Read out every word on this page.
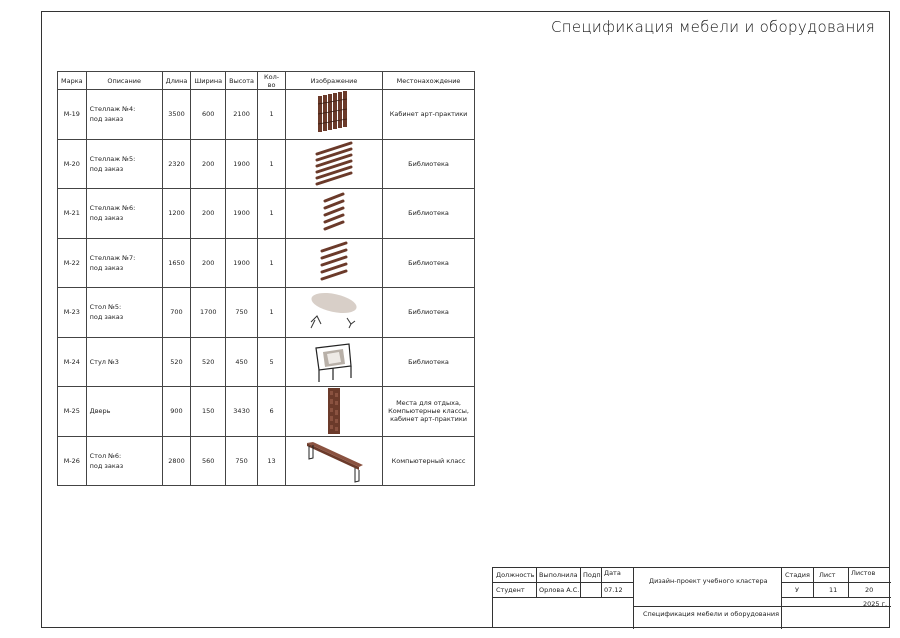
Спецификация мебели и оборудования
Марка	Описание	Длина	Ширина	Высота	Кол-во	Изображение	Местонахождение
М-19	Стеллаж №4:
под заказ	3500	600	2100	1		Кабинет арт-практики

М-20	Стеллаж №5:
под заказ	2320	200	1900	1		Библиотека

М-21	Стеллаж №6:
под заказ	1200	200	1900	1		Библиотека

М-22	Стеллаж №7:
под заказ	1650	200	1900	1		Библиотека

М-23	Стол №5:
под заказ	700	1700	750	1		Библиотека

М-24	Стул №3	520	520	450	5		Библиотека

М-25	Дверь	900	150	3430	6		Места для отдыха,
Компьютерные классы,
кабинет арт-практики

М-26	Стол №6:
под заказ	2800	560	750	13		Компьютерный класс
Должность Выполнила Подп. Дата
Студент Орлова А.С.	07.12
Дизайн-проект учебного кластера
Спецификация мебели и оборудования
Стадия Лист Листов
У	11	20
2025 г.
